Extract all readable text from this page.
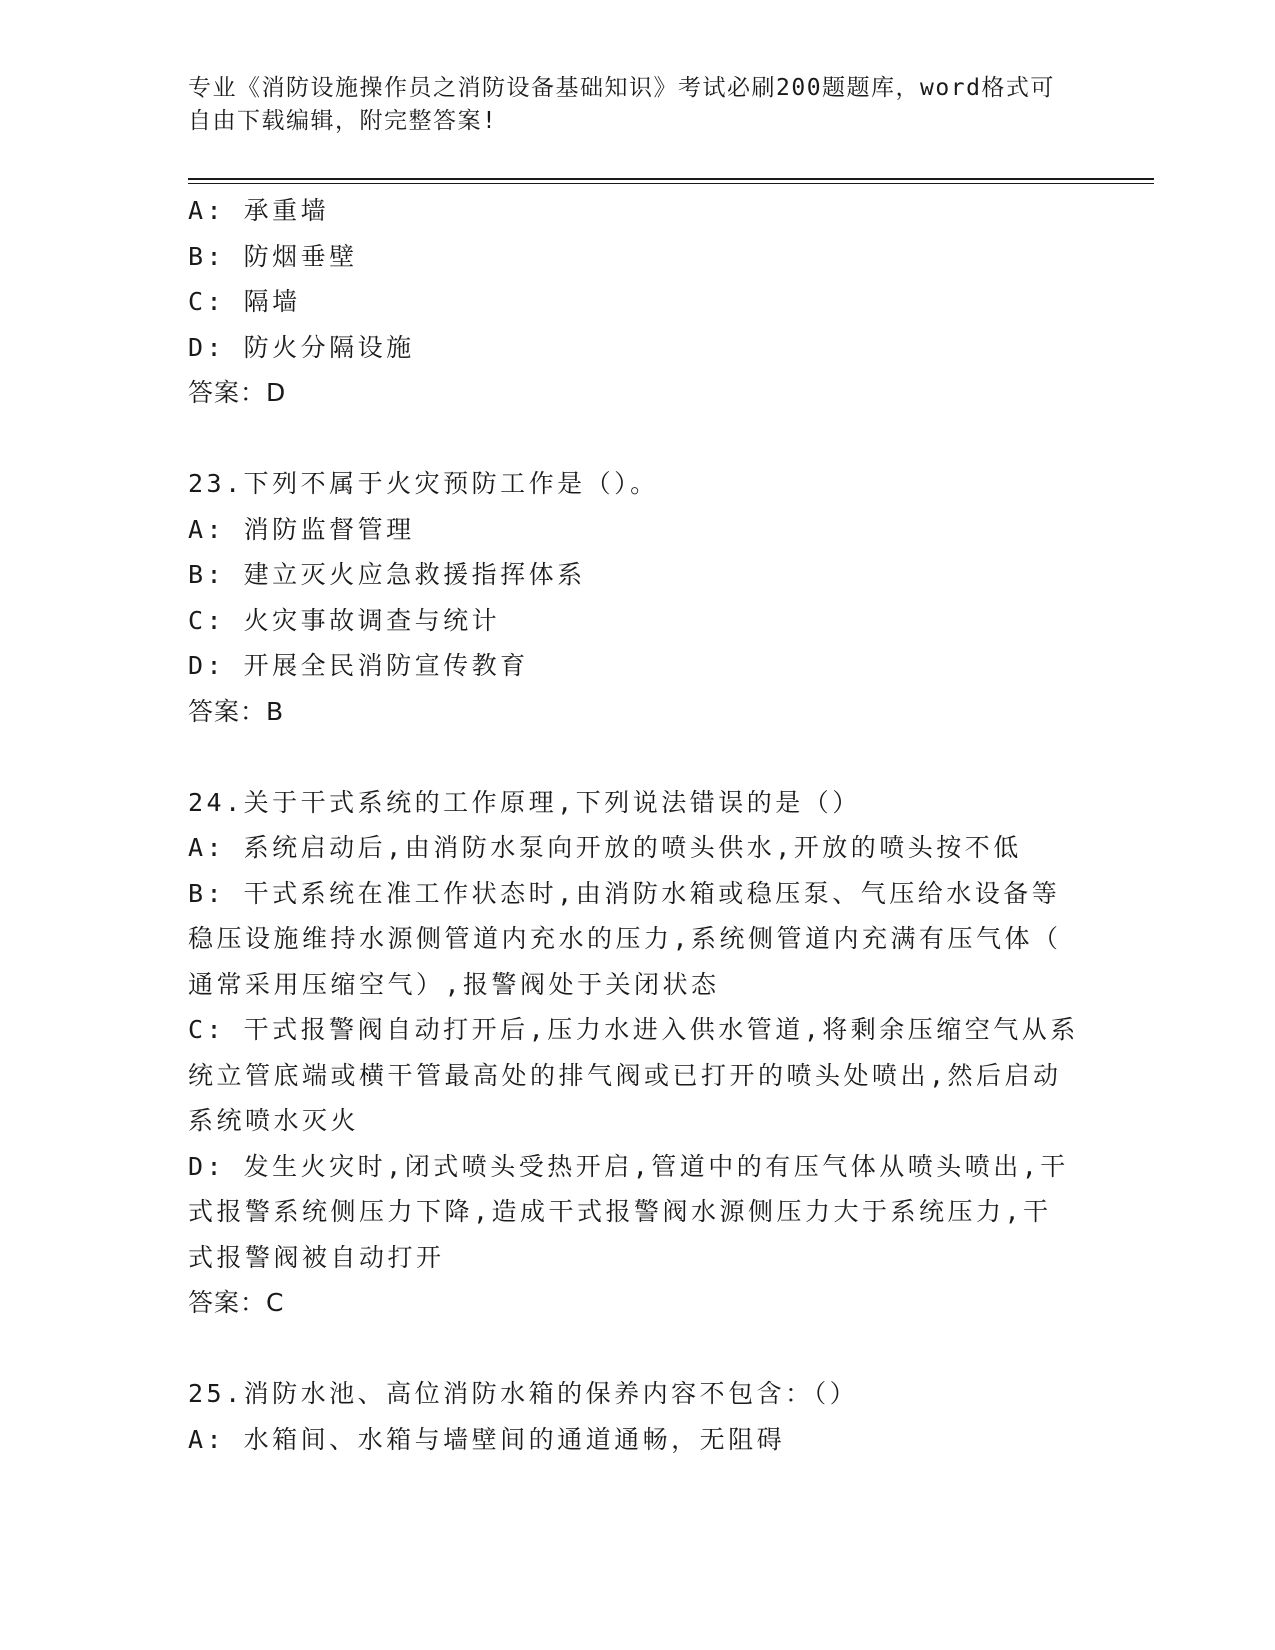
专业《消防设施操作员之消防设备基础知识》考试必刷200题题库，word格式可自由下载编辑，附完整答案!
A: 承重墙
B: 防烟垂壁
C: 隔墙
D: 防火分隔设施
答案：D
23.下列不属于火灾预防工作是（）。
A: 消防监督管理
B: 建立灭火应急救援指挥体系
C: 火灾事故调查与统计
D: 开展全民消防宣传教育
答案：B
24.关于干式系统的工作原理,下列说法错误的是（）
A: 系统启动后,由消防水泵向开放的喷头供水,开放的喷头按不低
B: 干式系统在准工作状态时,由消防水箱或稳压泵、气压给水设备等
稳压设施维持水源侧管道内充水的压力,系统侧管道内充满有压气体（
通常采用压缩空气）,报警阀处于关闭状态
C: 干式报警阀自动打开后,压力水进入供水管道,将剩余压缩空气从系
统立管底端或横干管最高处的排气阀或已打开的喷头处喷出,然后启动
系统喷水灭火
D: 发生火灾时,闭式喷头受热开启,管道中的有压气体从喷头喷出,干
式报警系统侧压力下降,造成干式报警阀水源侧压力大于系统压力,干
式报警阀被自动打开
答案：C
25.消防水池、高位消防水箱的保养内容不包含：（）
A: 水箱间、水箱与墙壁间的通道通畅，无阻碍
